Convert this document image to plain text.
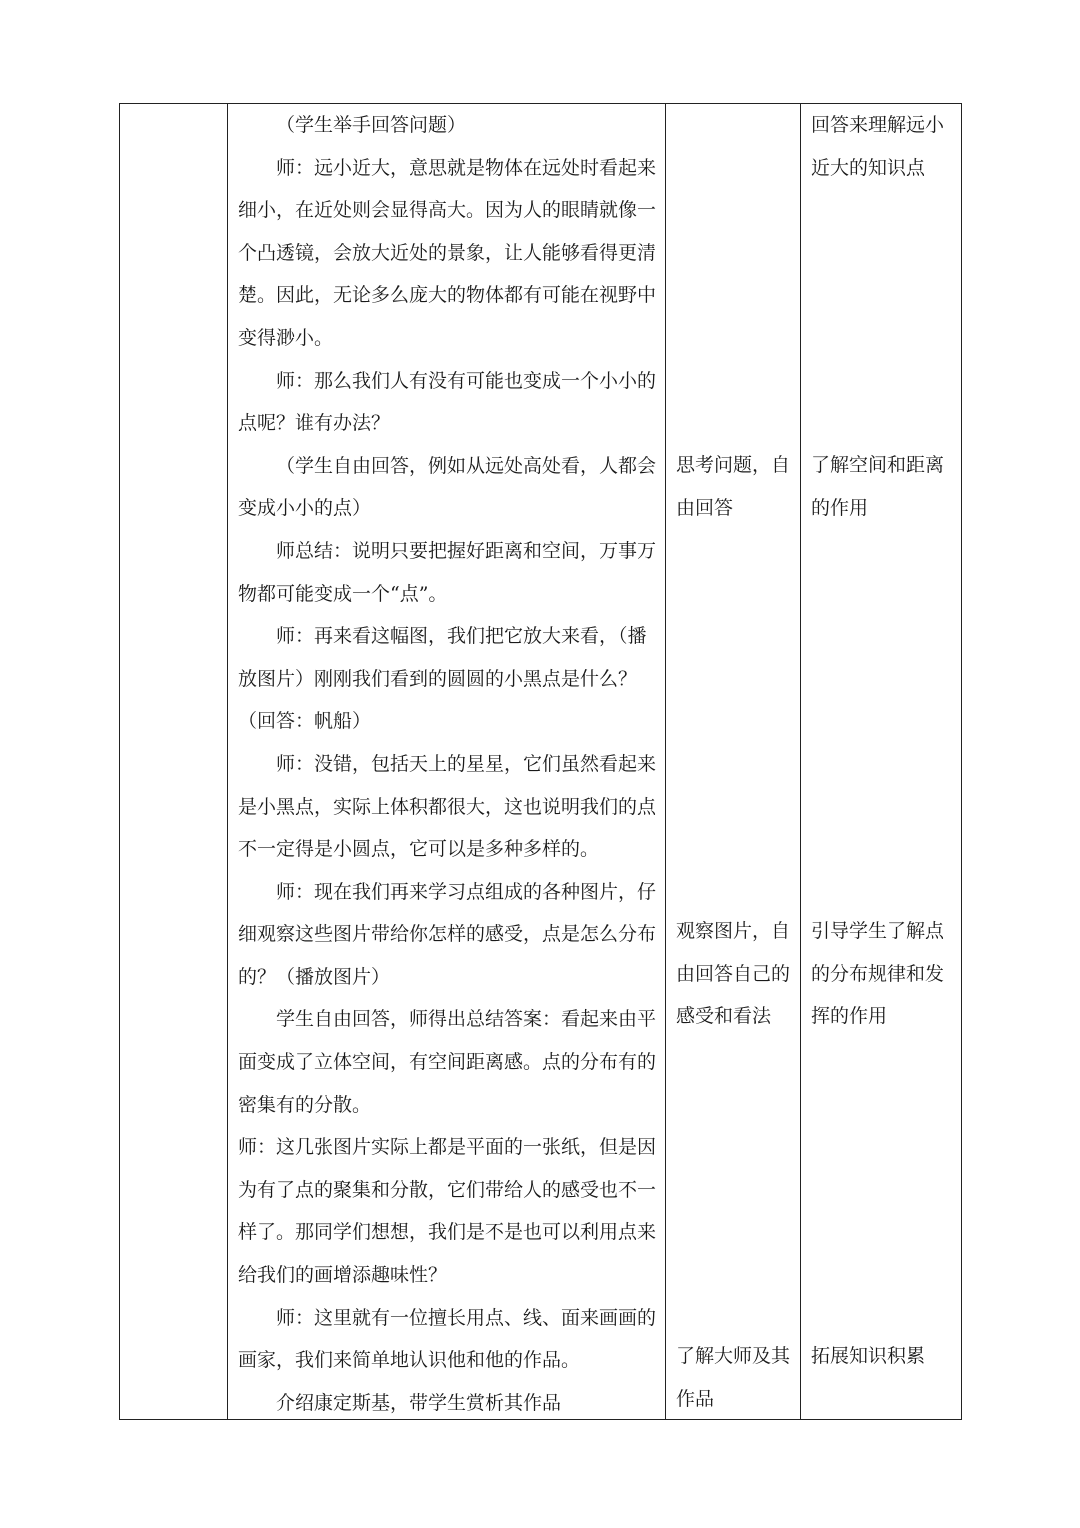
（学生举手回答问题）
师：远小近大，意思就是物体在远处时看起来
细小，在近处则会显得高大。因为人的眼睛就像一
个凸透镜，会放大近处的景象，让人能够看得更清
楚。因此，无论多么庞大的物体都有可能在视野中
变得渺小。
师：那么我们人有没有可能也变成一个小小的
点呢？谁有办法？
（学生自由回答，例如从远处高处看，人都会
变成小小的点）
师总结：说明只要把握好距离和空间，万事万
物都可能变成一个“点”。
师：再来看这幅图，我们把它放大来看，（播
放图片）刚刚我们看到的圆圆的小黑点是什么？
（回答：帆船）
师：没错，包括天上的星星，它们虽然看起来
是小黑点，实际上体积都很大，这也说明我们的点
不一定得是小圆点，它可以是多种多样的。
师：现在我们再来学习点组成的各种图片，仔
细观察这些图片带给你怎样的感受，点是怎么分布
的？（播放图片）
学生自由回答，师得出总结答案：看起来由平
面变成了立体空间，有空间距离感。点的分布有的
密集有的分散。
师：这几张图片实际上都是平面的一张纸，但是因
为有了点的聚集和分散，它们带给人的感受也不一
样了。那同学们想想，我们是不是也可以利用点来
给我们的画增添趣味性？
师：这里就有一位擅长用点、线、面来画画的
画家，我们来简单地认识他和他的作品。
介绍康定斯基，带学生赏析其作品
思考问题，自
由回答
观察图片，自
由回答自己的
感受和看法
了解大师及其
作品
回答来理解远小
近大的知识点
了解空间和距离
的作用
引导学生了解点
的分布规律和发
挥的作用
拓展知识积累
